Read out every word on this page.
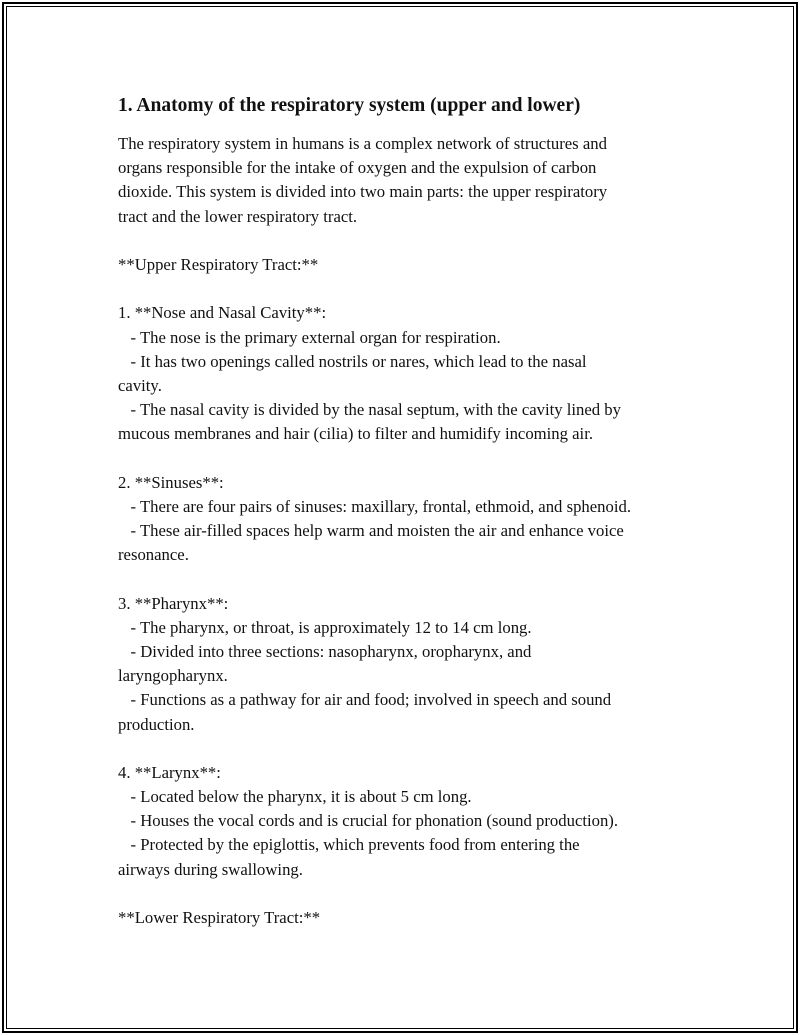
1. Anatomy of the respiratory system (upper and lower)
The respiratory system in humans is a complex network of structures and
organs responsible for the intake of oxygen and the expulsion of carbon
dioxide. This system is divided into two main parts: the upper respiratory
tract and the lower respiratory tract.
**Upper Respiratory Tract:**
1. **Nose and Nasal Cavity**:
- The nose is the primary external organ for respiration.
- It has two openings called nostrils or nares, which lead to the nasal
cavity.
- The nasal cavity is divided by the nasal septum, with the cavity lined by
mucous membranes and hair (cilia) to filter and humidify incoming air.
2. **Sinuses**:
- There are four pairs of sinuses: maxillary, frontal, ethmoid, and sphenoid.
- These air-filled spaces help warm and moisten the air and enhance voice
resonance.
3. **Pharynx**:
- The pharynx, or throat, is approximately 12 to 14 cm long.
- Divided into three sections: nasopharynx, oropharynx, and
laryngopharynx.
- Functions as a pathway for air and food; involved in speech and sound
production.
4. **Larynx**:
- Located below the pharynx, it is about 5 cm long.
- Houses the vocal cords and is crucial for phonation (sound production).
- Protected by the epiglottis, which prevents food from entering the
airways during swallowing.
**Lower Respiratory Tract:**
